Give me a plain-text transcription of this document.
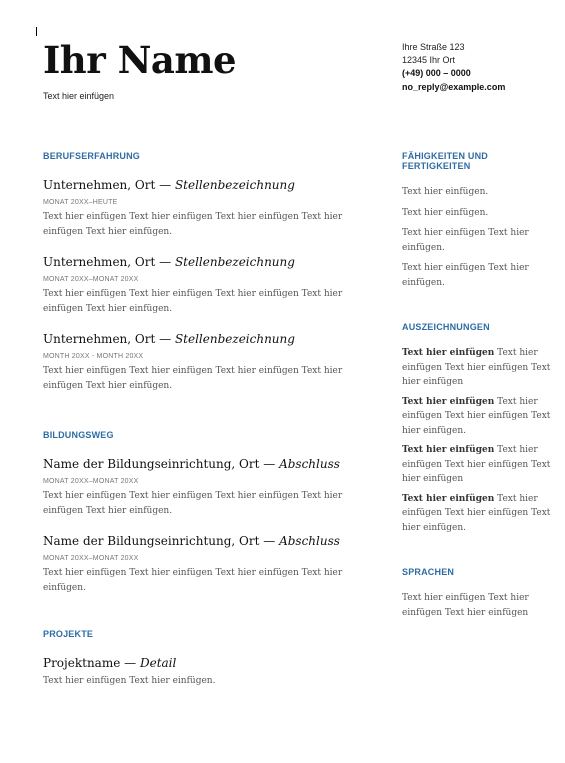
Ihr Name
Text hier einfügen
Ihre Straße 123
12345 Ihr Ort
(+49) 000 – 0000
no_reply@example.com
BERUFSERFAHRUNG
Unternehmen, Ort — Stellenbezeichnung
MONAT 20XX–HEUTE
Text hier einfügen Text hier einfügen Text hier einfügen Text hier einfügen Text hier einfügen.
Unternehmen, Ort — Stellenbezeichnung
MONAT 20XX–MONAT 20XX
Text hier einfügen Text hier einfügen Text hier einfügen Text hier einfügen Text hier einfügen.
Unternehmen, Ort — Stellenbezeichnung
MONTH 20XX - MONTH 20XX
Text hier einfügen Text hier einfügen Text hier einfügen Text hier einfügen Text hier einfügen.
BILDUNGSWEG
Name der Bildungseinrichtung, Ort — Abschluss
MONAT 20XX–MONAT 20XX
Text hier einfügen Text hier einfügen Text hier einfügen Text hier einfügen Text hier einfügen.
Name der Bildungseinrichtung, Ort — Abschluss
MONAT 20XX–MONAT 20XX
Text hier einfügen Text hier einfügen Text hier einfügen Text hier einfügen.
PROJEKTE
Projektname — Detail
Text hier einfügen Text hier einfügen.
FÄHIGKEITEN UND FERTIGKEITEN
Text hier einfügen.
Text hier einfügen.
Text hier einfügen Text hier einfügen.
Text hier einfügen Text hier einfügen.
AUSZEICHNUNGEN
Text hier einfügen Text hier einfügen Text hier einfügen Text hier einfügen
Text hier einfügen Text hier einfügen Text hier einfügen Text hier einfügen.
Text hier einfügen Text hier einfügen Text hier einfügen Text hier einfügen
Text hier einfügen Text hier einfügen Text hier einfügen Text hier einfügen.
SPRACHEN
Text hier einfügen Text hier einfügen Text hier einfügen
